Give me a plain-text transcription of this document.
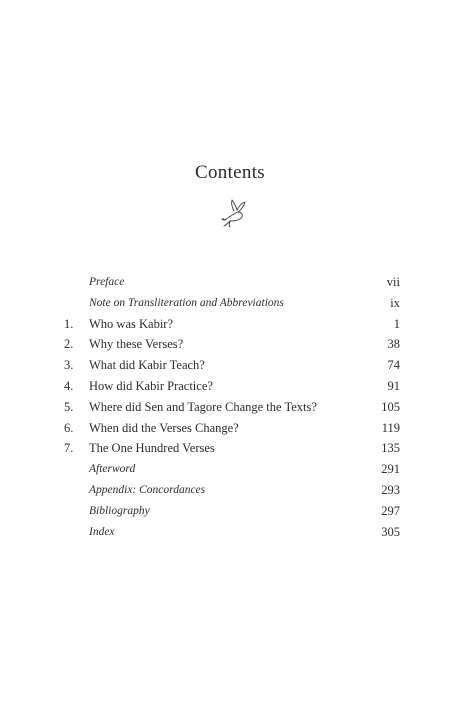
Contents
Preface	vii
Note on Transliteration and Abbreviations	ix
1.	Who was Kabir?	1
2.	Why these Verses?	38
3.	What did Kabir Teach?	74
4.	How did Kabir Practice?	91
5.	Where did Sen and Tagore Change the Texts?	105
6.	When did the Verses Change?	119
7.	The One Hundred Verses	135
Afterword	291
Appendix: Concordances	293
Bibliography	297
Index	305
